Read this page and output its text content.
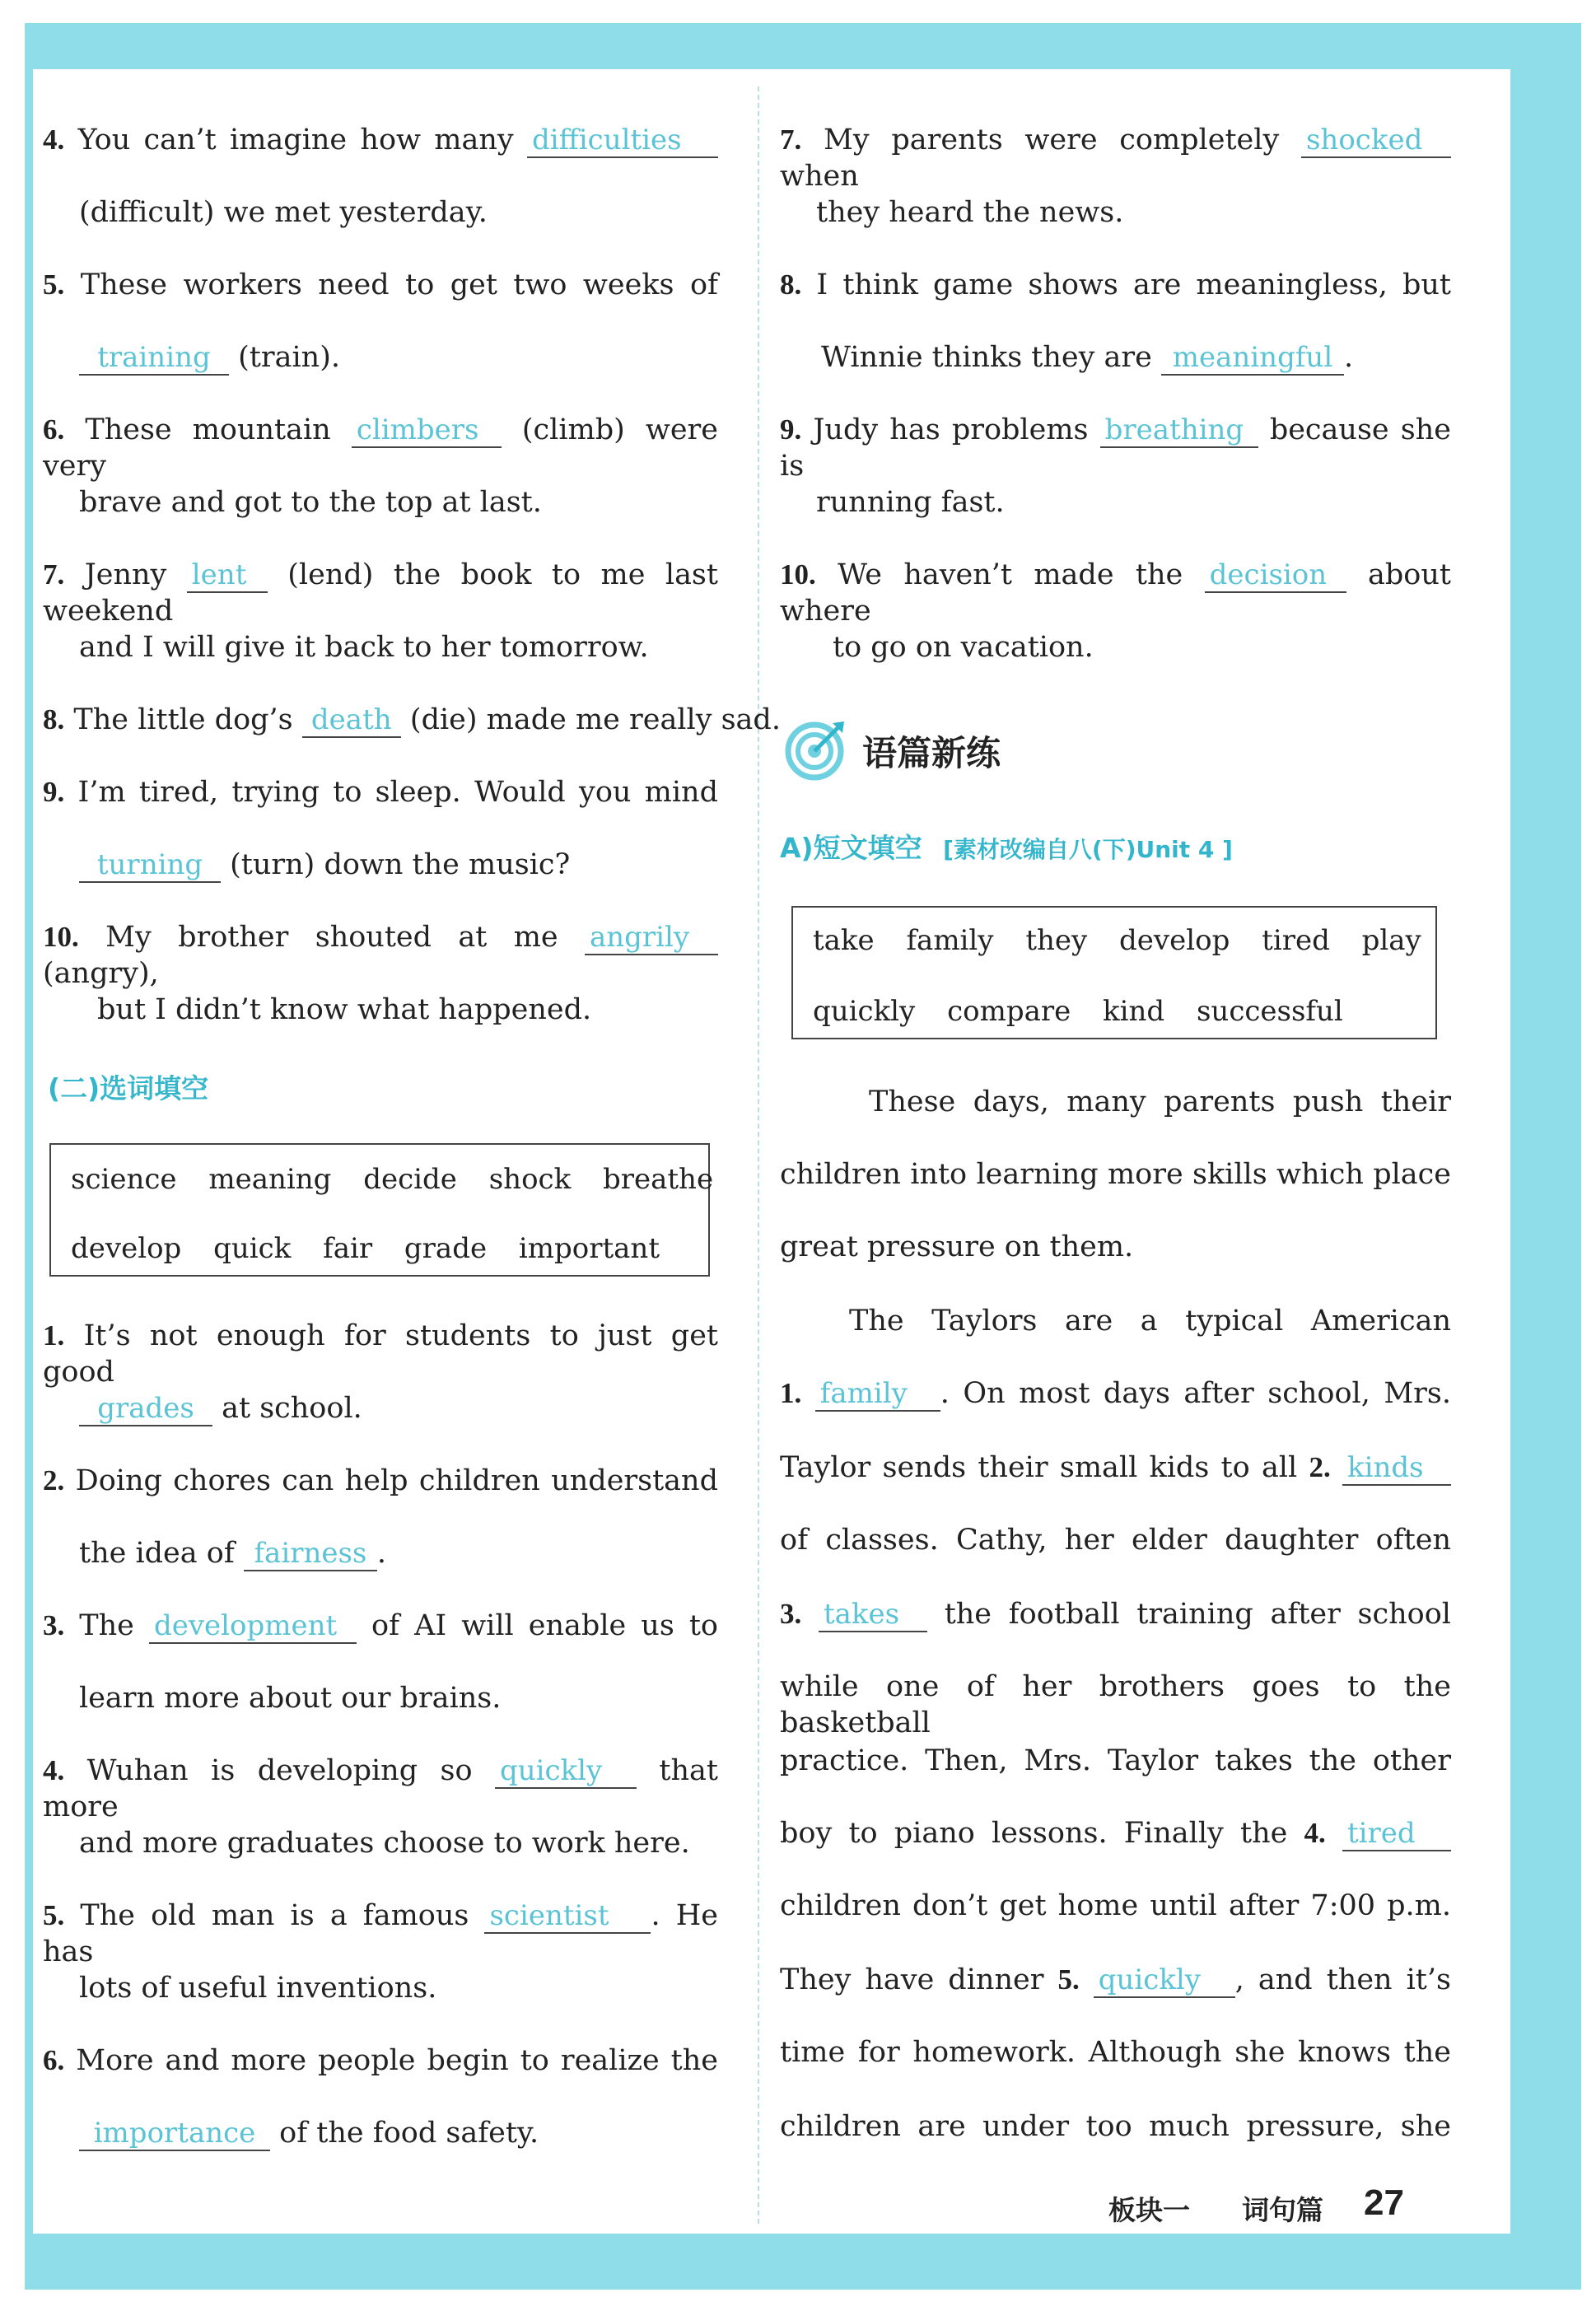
4. You can’t imagine how many difficulties
(difficult) we met yesterday.
5. These workers need to get two weeks of
training (train).
6. These mountain climbers (climb) were very
brave and got to the top at last.
7. Jenny lent (lend) the book to me last weekend
and I will give it back to her tomorrow.
8. The little dog’s death (die) made me really sad.
9. I’m tired, trying to sleep. Would you mind
turning (turn) down the music?
10. My brother shouted at me angrily (angry),
but I didn’t know what happened.
(二)选词填空
science meaning decide shock breathe
develop quick fair grade important
1. It’s not enough for students to just get good
grades at school.
2. Doing chores can help children understand
the idea of fairness .
3. The development of AI will enable us to
learn more about our brains.
4. Wuhan is developing so quickly that more
and more graduates choose to work here.
5. The old man is a famous scientist . He has
lots of useful inventions.
6. More and more people begin to realize the
importance of the food safety.
7. My parents were completely shocked when
they heard the news.
8. I think game shows are meaningless, but
Winnie thinks they are meaningful .
9. Judy has problems breathing because she is
running fast.
10. We haven’t made the decision about where
to go on vacation.
语篇新练
A)短文填空 [素材改编自八(下)Unit 4 ]
take family they develop tired play
quickly compare kind successful
These days, many parents push their
children into learning more skills which place
great pressure on them.
The Taylors are a typical American
1. family . On most days after school, Mrs.
Taylor sends their small kids to all 2. kinds
of classes. Cathy, her elder daughter often
3. takes the football training after school
while one of her brothers goes to the basketball
practice. Then, Mrs. Taylor takes the other
boy to piano lessons. Finally the 4. tired
children don’t get home until after 7:00 p.m.
They have dinner 5. quickly , and then it’s
time for homework. Although she knows the
children are under too much pressure, she
板块一 词句篇 27
